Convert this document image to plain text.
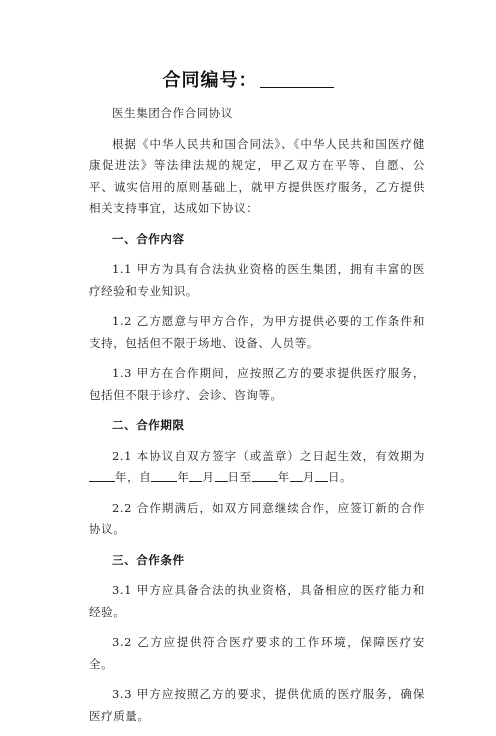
合同编号：

医生集团合作合同协议

根据《中华人民共和国合同法》、《中华人民共和国医疗健康促进法》等法律法规的规定，甲乙双方在平等、自愿、公平、诚实信用的原则基础上，就甲方提供医疗服务，乙方提供相关支持事宜，达成如下协议：

一、合作内容

1.1 甲方为具有合法执业资格的医生集团，拥有丰富的医疗经验和专业知识。

1.2 乙方愿意与甲方合作，为甲方提供必要的工作条件和支持，包括但不限于场地、设备、人员等。

1.3 甲方在合作期间，应按照乙方的要求提供医疗服务，包括但不限于诊疗、会诊、咨询等。

二、合作期限

2.1 本协议自双方签字（或盖章）之日起生效，有效期为年，自 年 月 日至 年 月 日。

2.2 合作期满后，如双方同意继续合作，应签订新的合作协议。

三、合作条件

3.1 甲方应具备合法的执业资格，具备相应的医疗能力和经验。

3.2 乙方应提供符合医疗要求的工作环境，保障医疗安全。

3.3 甲方应按照乙方的要求，提供优质的医疗服务，确保医疗质量。
